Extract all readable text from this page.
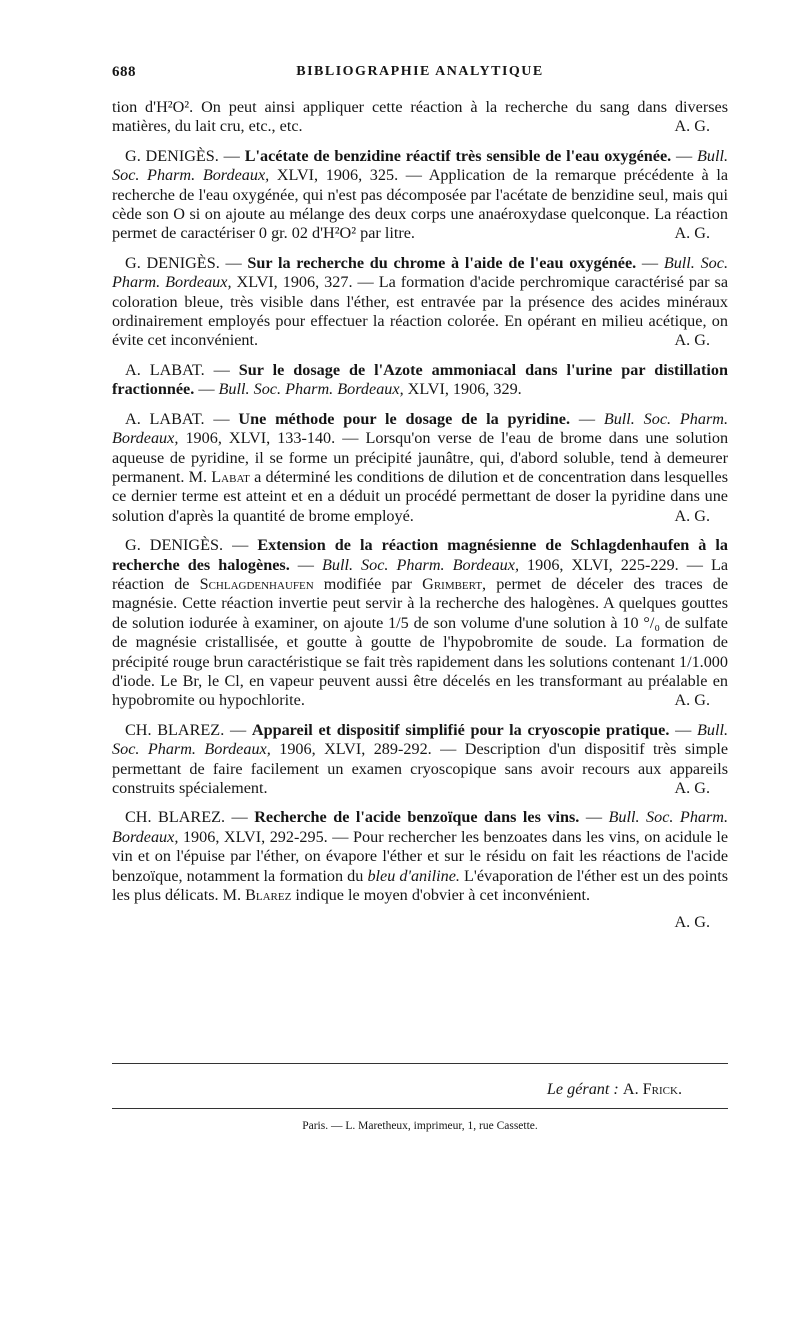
688	BIBLIOGRAPHIE ANALYTIQUE

tion d'H²O². On peut ainsi appliquer cette réaction à la recherche du sang dans diverses matières, du lait cru, etc., etc.	A. G.

G. DENIGÈS. — L'acétate de benzidine réactif très sensible de l'eau oxygénée. — Bull. Soc. Pharm. Bordeaux, XLVI, 1906, 325. — Application de la remarque précédente à la recherche de l'eau oxygénée, qui n'est pas décomposée par l'acétate de benzidine seul, mais qui cède son O si on ajoute au mélange des deux corps une anaéroxydase quelconque. La réaction permet de caractériser 0 gr. 02 d'H²O² par litre.	A. G.

G. DENIGÈS. — Sur la recherche du chrome à l'aide de l'eau oxygénée. — Bull. Soc. Pharm. Bordeaux, XLVI, 1906, 327. — La formation d'acide perchromique caractérisé par sa coloration bleue, très visible dans l'éther, est entravée par la présence des acides minéraux ordinairement employés pour effectuer la réaction colorée. En opérant en milieu acétique, on évite cet inconvénient.	A. G.

A. LABAT. — Sur le dosage de l'Azote ammoniacal dans l'urine par distillation fractionnée. — Bull. Soc. Pharm. Bordeaux, XLVI, 1906, 329.

A. LABAT. — Une méthode pour le dosage de la pyridine. — Bull. Soc. Pharm. Bordeaux, 1906, XLVI, 133-140. — Lorsqu'on verse de l'eau de brome dans une solution aqueuse de pyridine, il se forme un précipité jaunâtre, qui, d'abord soluble, tend à demeurer permanent. M. Labat a déterminé les conditions de dilution et de concentration dans lesquelles ce dernier terme est atteint et en a déduit un procédé permettant de doser la pyridine dans une solution d'après la quantité de brome employé.	A. G.

G. DENIGÈS. — Extension de la réaction magnésienne de Schlagdenhaufen à la recherche des halogènes. — Bull. Soc. Pharm. Bordeaux, 1906, XLVI, 225-229. — La réaction de Schlagdenhaufen modifiée par Grimbert, permet de déceler des traces de magnésie. Cette réaction invertie peut servir à la recherche des halogènes. A quelques gouttes de solution iodurée à examiner, on ajoute 1/5 de son volume d'une solution à 10 °/₀ de sulfate de magnésie cristallisée, et goutte à goutte de l'hypobromite de soude. La formation de précipité rouge brun caractéristique se fait très rapidement dans les solutions contenant 1/1.000 d'iode. Le Br, le Cl, en vapeur peuvent aussi être décelés en les transformant au préalable en hypobromite ou hypochlorite.	A. G.

CH. BLAREZ. — Appareil et dispositif simplifié pour la cryoscopie pratique. — Bull. Soc. Pharm. Bordeaux, 1906, XLVI, 289-292. — Description d'un dispositif très simple permettant de faire facilement un examen cryoscopique sans avoir recours aux appareils construits spécialement.	A. G.

CH. BLAREZ. — Recherche de l'acide benzoïque dans les vins. — Bull. Soc. Pharm. Bordeaux, 1906, XLVI, 292-295. — Pour rechercher les benzoates dans les vins, on acidule le vin et on l'épuise par l'éther, on évapore l'éther et sur le résidu on fait les réactions de l'acide benzoïque, notamment la formation du bleu d'aniline. L'évaporation de l'éther est un des points les plus délicats. M. Blarez indique le moyen d'obvier à cet inconvénient.

A. G.
Le gérant : A. Frick.
Paris. — L. Maretheux, imprimeur, 1, rue Cassette.
